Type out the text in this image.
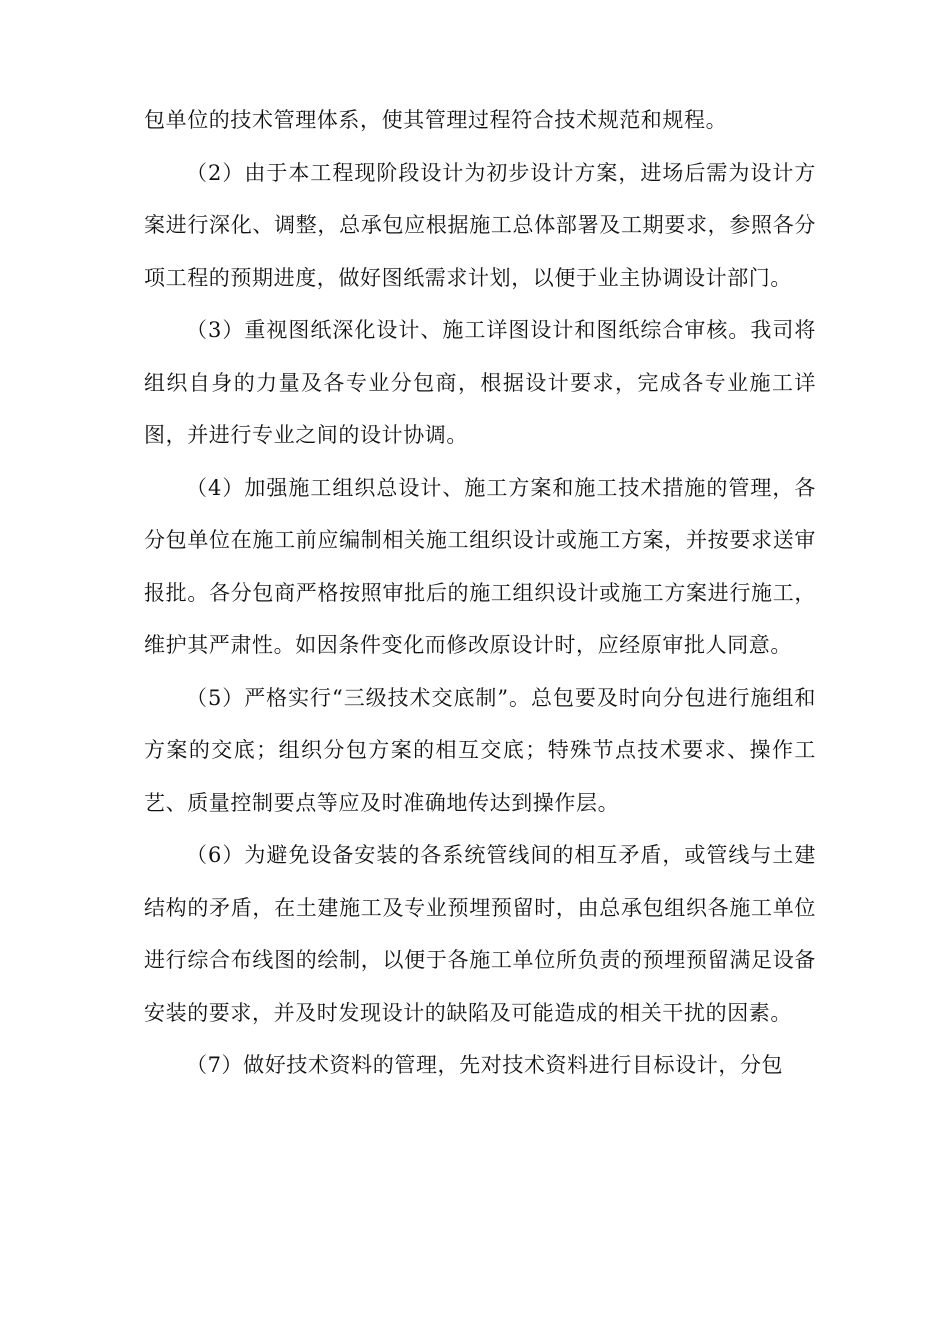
包单位的技术管理体系，使其管理过程符合技术规范和规程。

（2）由于本工程现阶段设计为初步设计方案，进场后需为设计方案进行深化、调整，总承包应根据施工总体部署及工期要求，参照各分项工程的预期进度，做好图纸需求计划，以便于业主协调设计部门。

（3）重视图纸深化设计、施工详图设计和图纸综合审核。我司将组织自身的力量及各专业分包商，根据设计要求，完成各专业施工详图，并进行专业之间的设计协调。

（4）加强施工组织总设计、施工方案和施工技术措施的管理，各分包单位在施工前应编制相关施工组织设计或施工方案，并按要求送审报批。各分包商严格按照审批后的施工组织设计或施工方案进行施工，维护其严肃性。如因条件变化而修改原设计时，应经原审批人同意。

（5）严格实行“三级技术交底制”。总包要及时向分包进行施组和方案的交底；组织分包方案的相互交底；特殊节点技术要求、操作工艺、质量控制要点等应及时准确地传达到操作层。

（6）为避免设备安装的各系统管线间的相互矛盾，或管线与土建结构的矛盾，在土建施工及专业预埋预留时，由总承包组织各施工单位进行综合布线图的绘制，以便于各施工单位所负责的预埋预留满足设备安装的要求，并及时发现设计的缺陷及可能造成的相关干扰的因素。

（7）做好技术资料的管理，先对技术资料进行目标设计，分包
